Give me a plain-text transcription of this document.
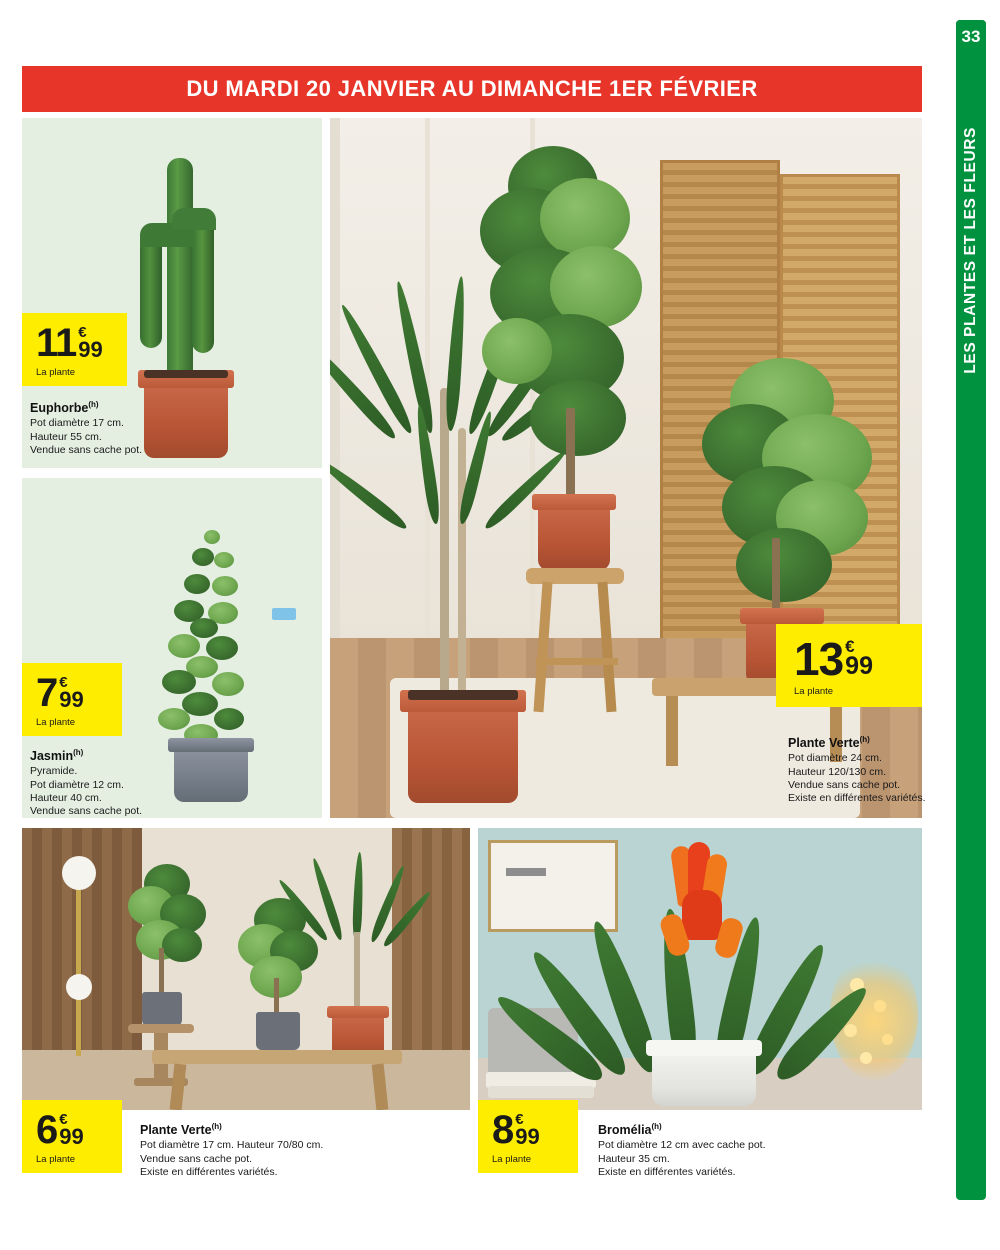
33
LES PLANTES ET LES FLEURS
DU MARDI 20 JANVIER AU DIMANCHE 1ER FÉVRIER
11 €
99
La plante
Euphorbe$^{(h)}$
Pot diamètre 17 cm.
Hauteur 55 cm.
Vendue sans cache pot.
7 €
99
La plante
Jasmin$^{(h)}$
Pyramide.
Pot diamètre 12 cm.
Hauteur 40 cm.
Vendue sans cache pot.
13 €
99
La plante
Plante Verte$^{(h)}$
Pot diamètre 24 cm.
Hauteur 120/130 cm.
Vendue sans cache pot.
Existe en différentes variétés.
6 €
99
La plante
Plante Verte$^{(h)}$
Pot diamètre 17 cm. Hauteur 70/80 cm.
Vendue sans cache pot.
Existe en différentes variétés.
8 €
99
La plante
Bromélia$^{(h)}$
Pot diamètre 12 cm avec cache pot.
Hauteur 35 cm.
Existe en différentes variétés.
